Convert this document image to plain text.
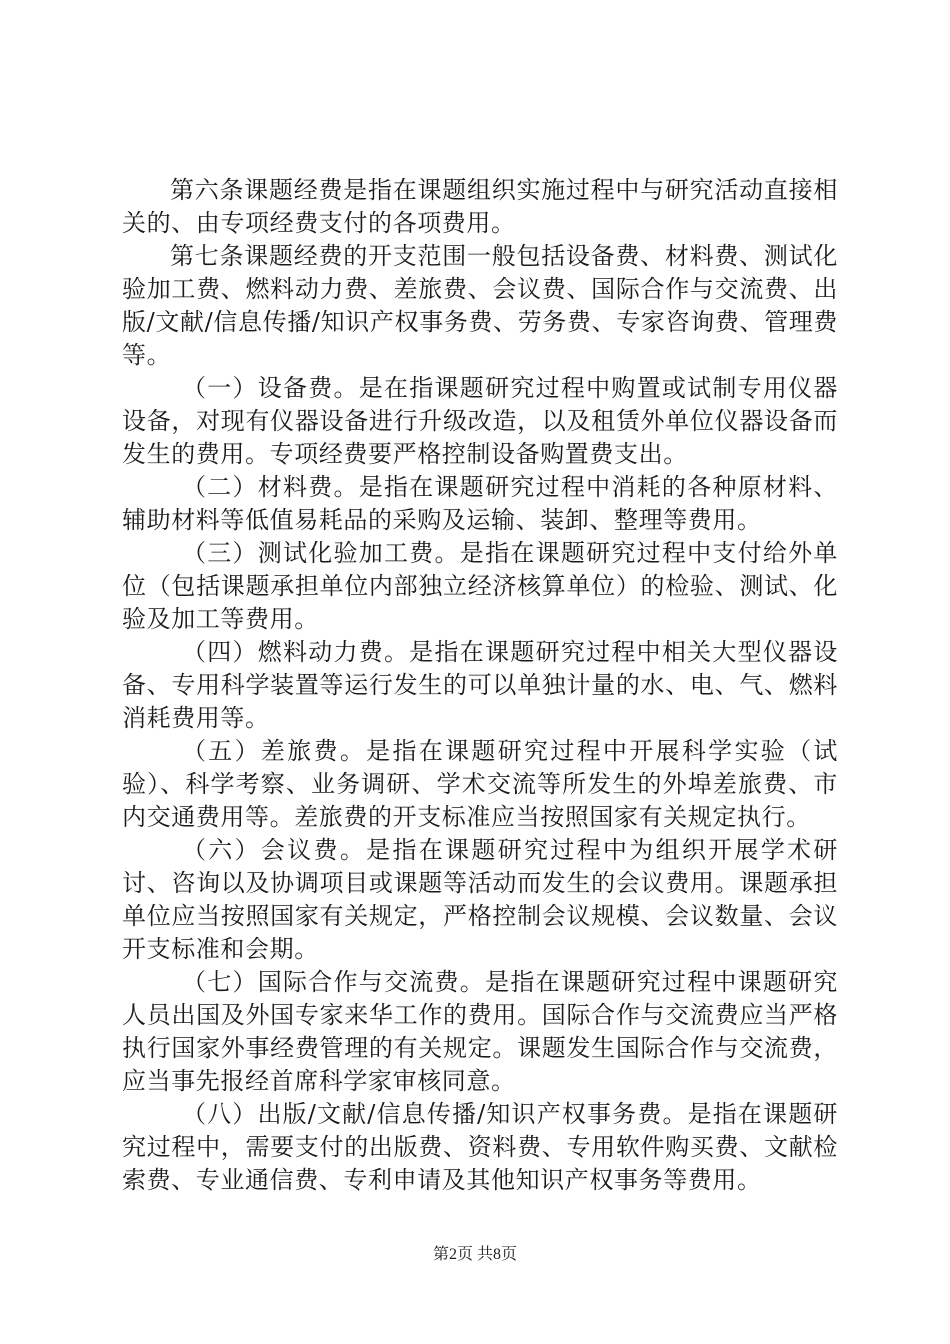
第六条课题经费是指在课题组织实施过程中与研究活动直接相关的、由专项经费支付的各项费用。

第七条课题经费的开支范围一般包括设备费、材料费、测试化验加工费、燃料动力费、差旅费、会议费、国际合作与交流费、出版/文献/信息传播/知识产权事务费、劳务费、专家咨询费、管理费等。

（一）设备费。是在指课题研究过程中购置或试制专用仪器设备，对现有仪器设备进行升级改造，以及租赁外单位仪器设备而发生的费用。专项经费要严格控制设备购置费支出。

（二）材料费。是指在课题研究过程中消耗的各种原材料、辅助材料等低值易耗品的采购及运输、装卸、整理等费用。

（三）测试化验加工费。是指在课题研究过程中支付给外单位（包括课题承担单位内部独立经济核算单位）的检验、测试、化验及加工等费用。

（四）燃料动力费。是指在课题研究过程中相关大型仪器设备、专用科学装置等运行发生的可以单独计量的水、电、气、燃料消耗费用等。

（五）差旅费。是指在课题研究过程中开展科学实验（试验）、科学考察、业务调研、学术交流等所发生的外埠差旅费、市内交通费用等。差旅费的开支标准应当按照国家有关规定执行。

（六）会议费。是指在课题研究过程中为组织开展学术研讨、咨询以及协调项目或课题等活动而发生的会议费用。课题承担单位应当按照国家有关规定，严格控制会议规模、会议数量、会议开支标准和会期。

（七）国际合作与交流费。是指在课题研究过程中课题研究人员出国及外国专家来华工作的费用。国际合作与交流费应当严格执行国家外事经费管理的有关规定。课题发生国际合作与交流费，应当事先报经首席科学家审核同意。

（八）出版/文献/信息传播/知识产权事务费。是指在课题研究过程中，需要支付的出版费、资料费、专用软件购买费、文献检索费、专业通信费、专利申请及其他知识产权事务等费用。

第2页 共8页
